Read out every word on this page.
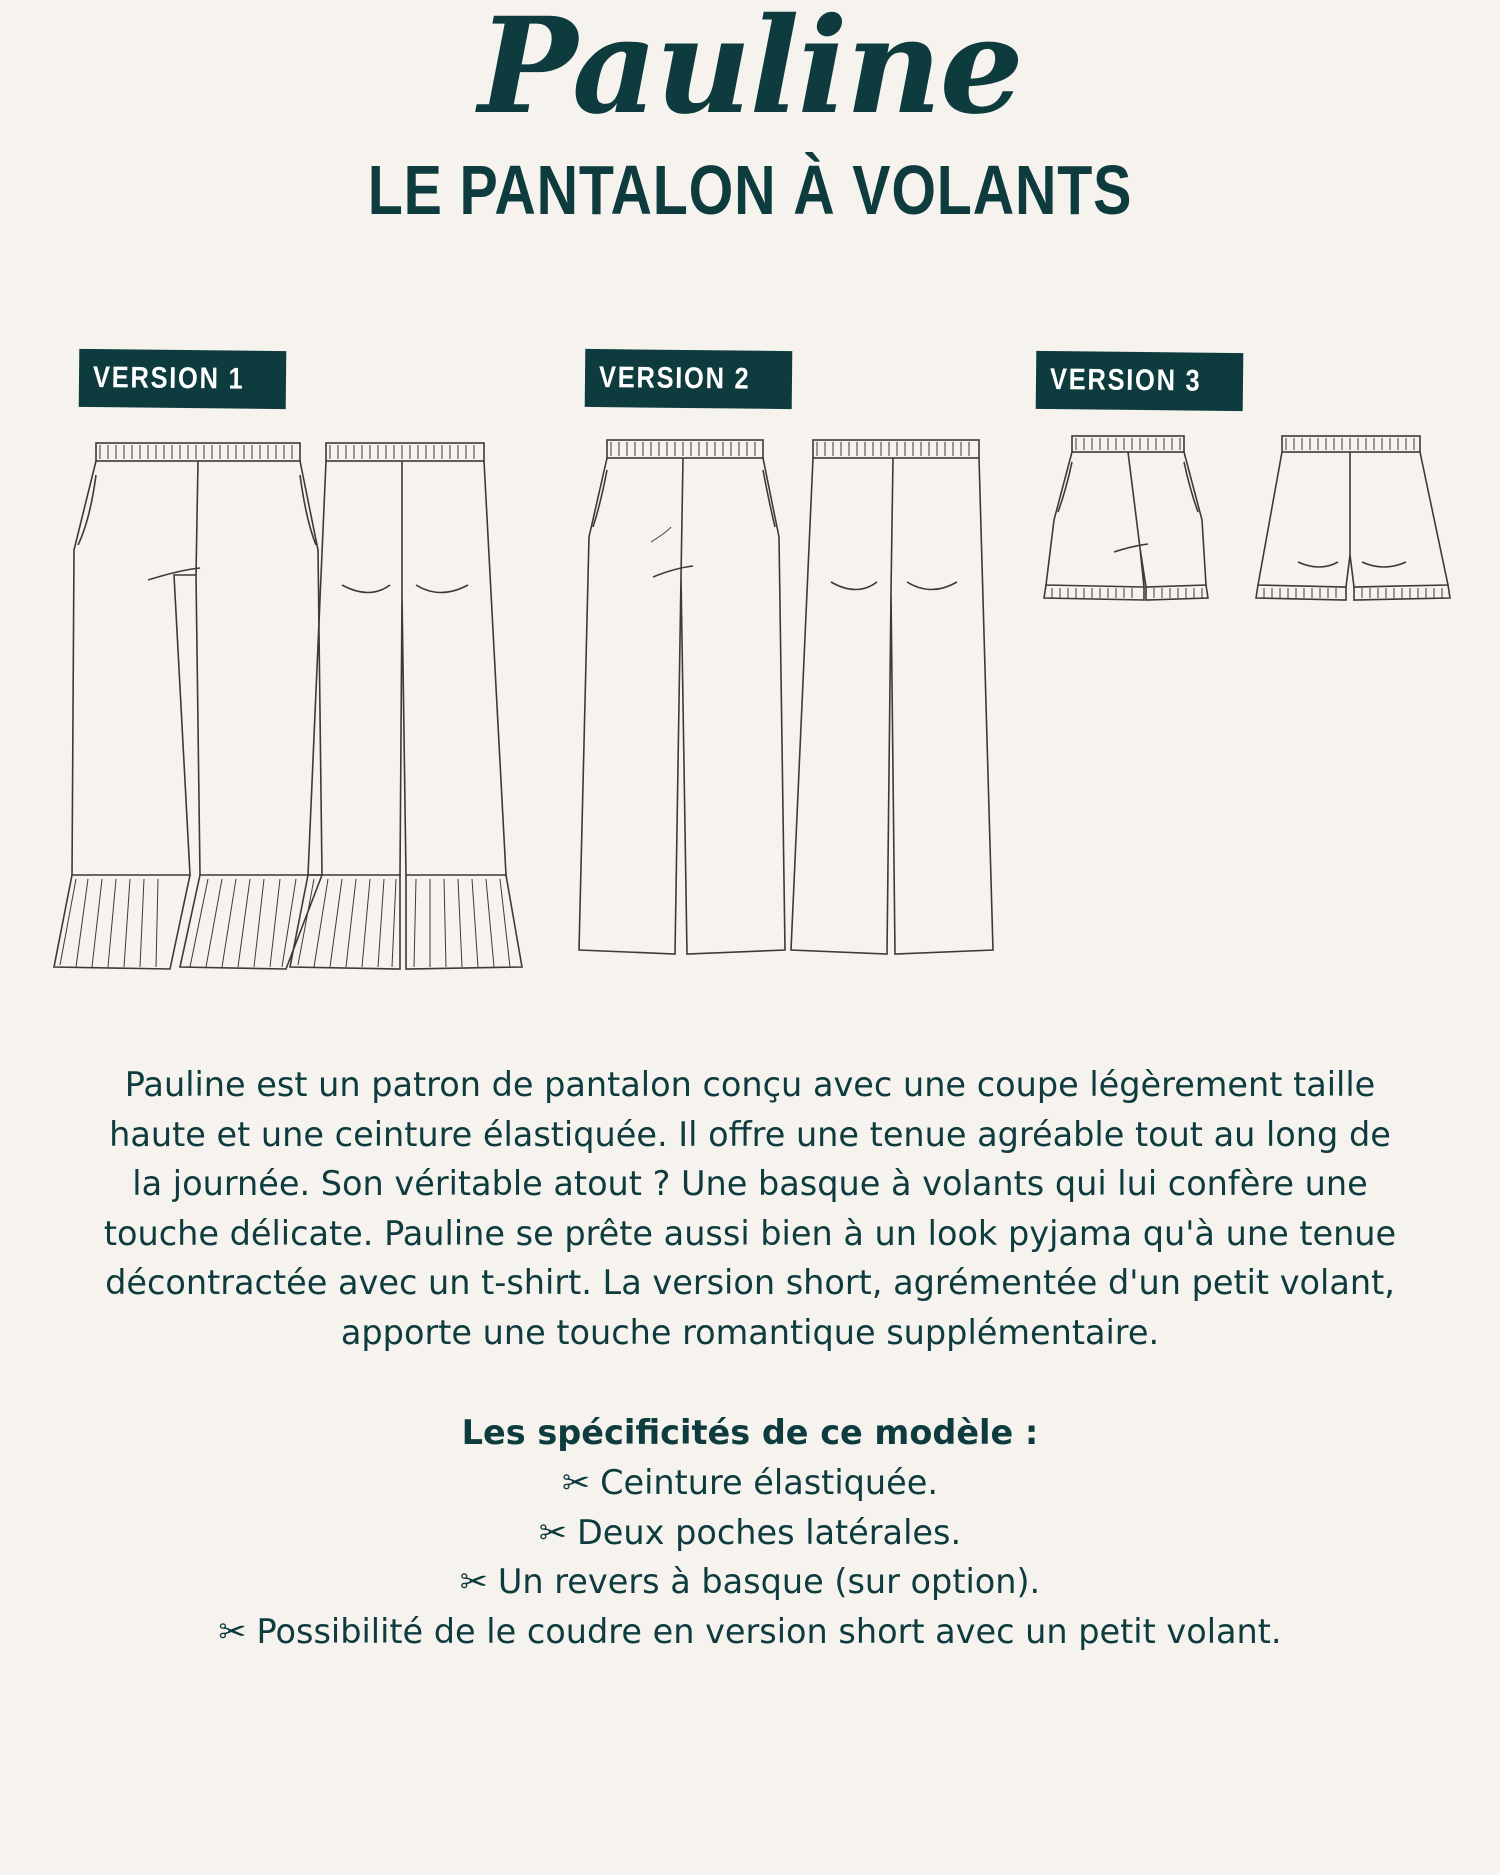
Pauline
LE PANTALON À VOLANTS
VERSION 1	VERSION 2	VERSION 3
Pauline est un patron de pantalon conçu avec une coupe légèrement taille haute et une ceinture élastiquée. Il offre une tenue agréable tout au long de la journée. Son véritable atout ? Une basque à volants qui lui confère une touche délicate. Pauline se prête aussi bien à un look pyjama qu'à une tenue décontractée avec un t-shirt. La version short, agrémentée d'un petit volant, apporte une touche romantique supplémentaire.
Les spécificités de ce modèle :
✂ Ceinture élastiquée.
✂ Deux poches latérales.
✂ Un revers à basque (sur option).
✂ Possibilité de le coudre en version short avec un petit volant.
